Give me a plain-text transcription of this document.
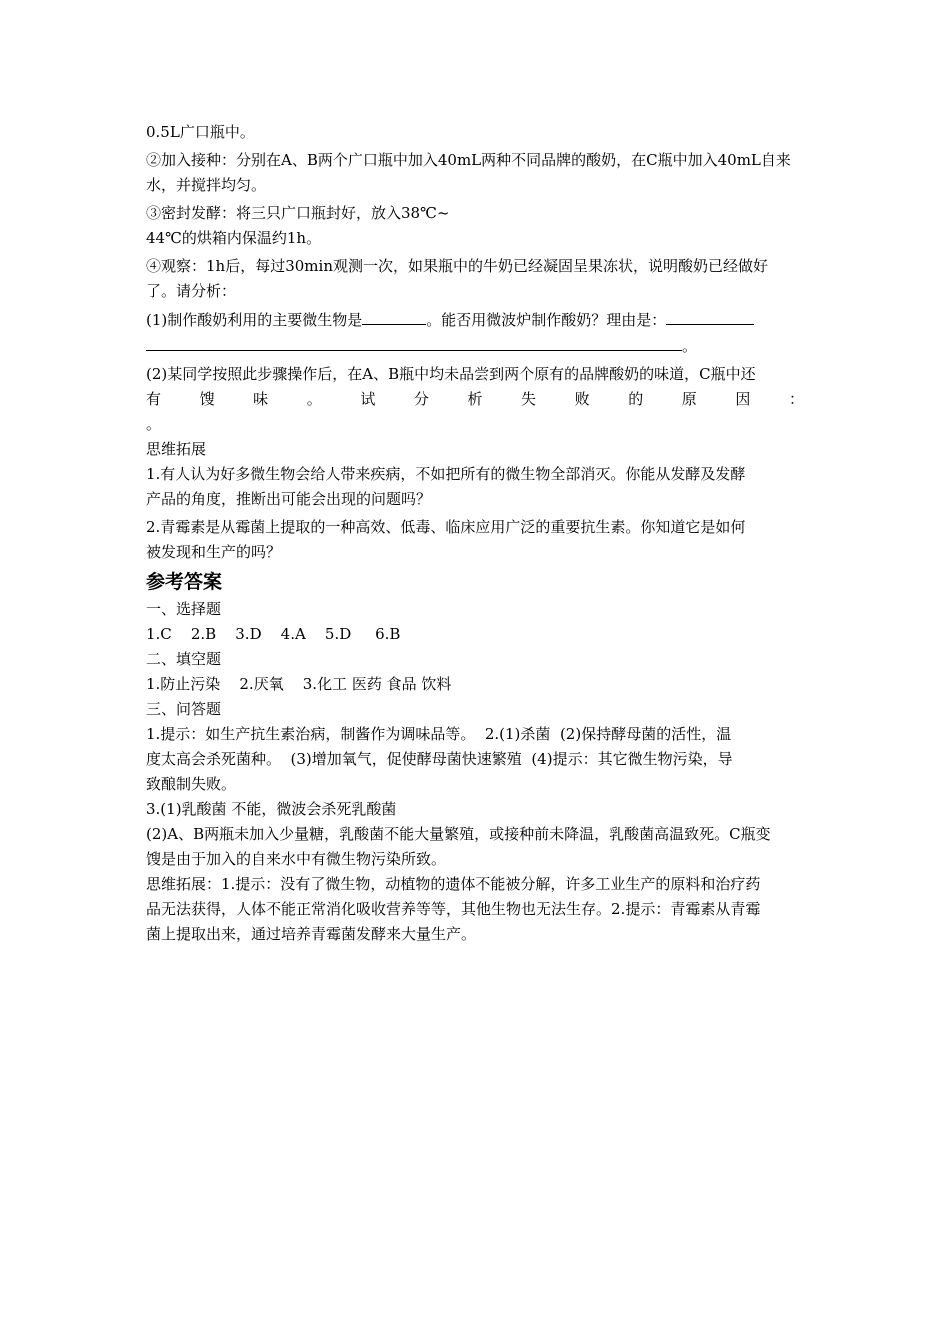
0.5L广口瓶中。

②加入接种：分别在A、B两个广口瓶中加入40mL两种不同品牌的酸奶，在C瓶中加入40mL自来

水，并搅拌均匀。

③密封发酵：将三只广口瓶封好，放入38℃~

44℃的烘箱内保温约1h。

④观察：1h后，每过30min观测一次，如果瓶中的牛奶已经凝固呈果冻状，说明酸奶已经做好

了。请分析：

(1)制作酸奶利用的主要微生物是	。能否用微波炉制作酸奶？理由是：

。

(2)某同学按照此步骤操作后，在A、B瓶中均未品尝到两个原有的品牌酸奶的味道，C瓶中还

有	馊	味	。	试	分	析	失	败	的	原	因	：

。

思维拓展

1.有人认为好多微生物会给人带来疾病，不如把所有的微生物全部消灭。你能从发酵及发酵

产品的角度，推断出可能会出现的问题吗？

2.青霉素是从霉菌上提取的一种高效、低毒、临床应用广泛的重要抗生素。你知道它是如何

被发现和生产的吗？

参考答案

一、选择题

1.C    2.B    3.D    4.A    5.D     6.B

二、填空题

1.防止污染    2.厌氧    3.化工 医药 食品 饮料

三、问答题

1.提示：如生产抗生素治病，制酱作为调味品等。  2.(1)杀菌  (2)保持酵母菌的活性，温

度太高会杀死菌种。  (3)增加氧气，促使酵母菌快速繁殖  (4)提示：其它微生物污染，导

致酿制失败。

3.(1)乳酸菌 不能，微波会杀死乳酸菌

(2)A、B两瓶未加入少量糖，乳酸菌不能大量繁殖，或接种前未降温，乳酸菌高温致死。C瓶变

馊是由于加入的自来水中有微生物污染所致。

思维拓展：1.提示：没有了微生物，动植物的遗体不能被分解，许多工业生产的原料和治疗药

品无法获得，人体不能正常消化吸收营养等等，其他生物也无法生存。2.提示：青霉素从青霉

菌上提取出来，通过培养青霉菌发酵来大量生产。
